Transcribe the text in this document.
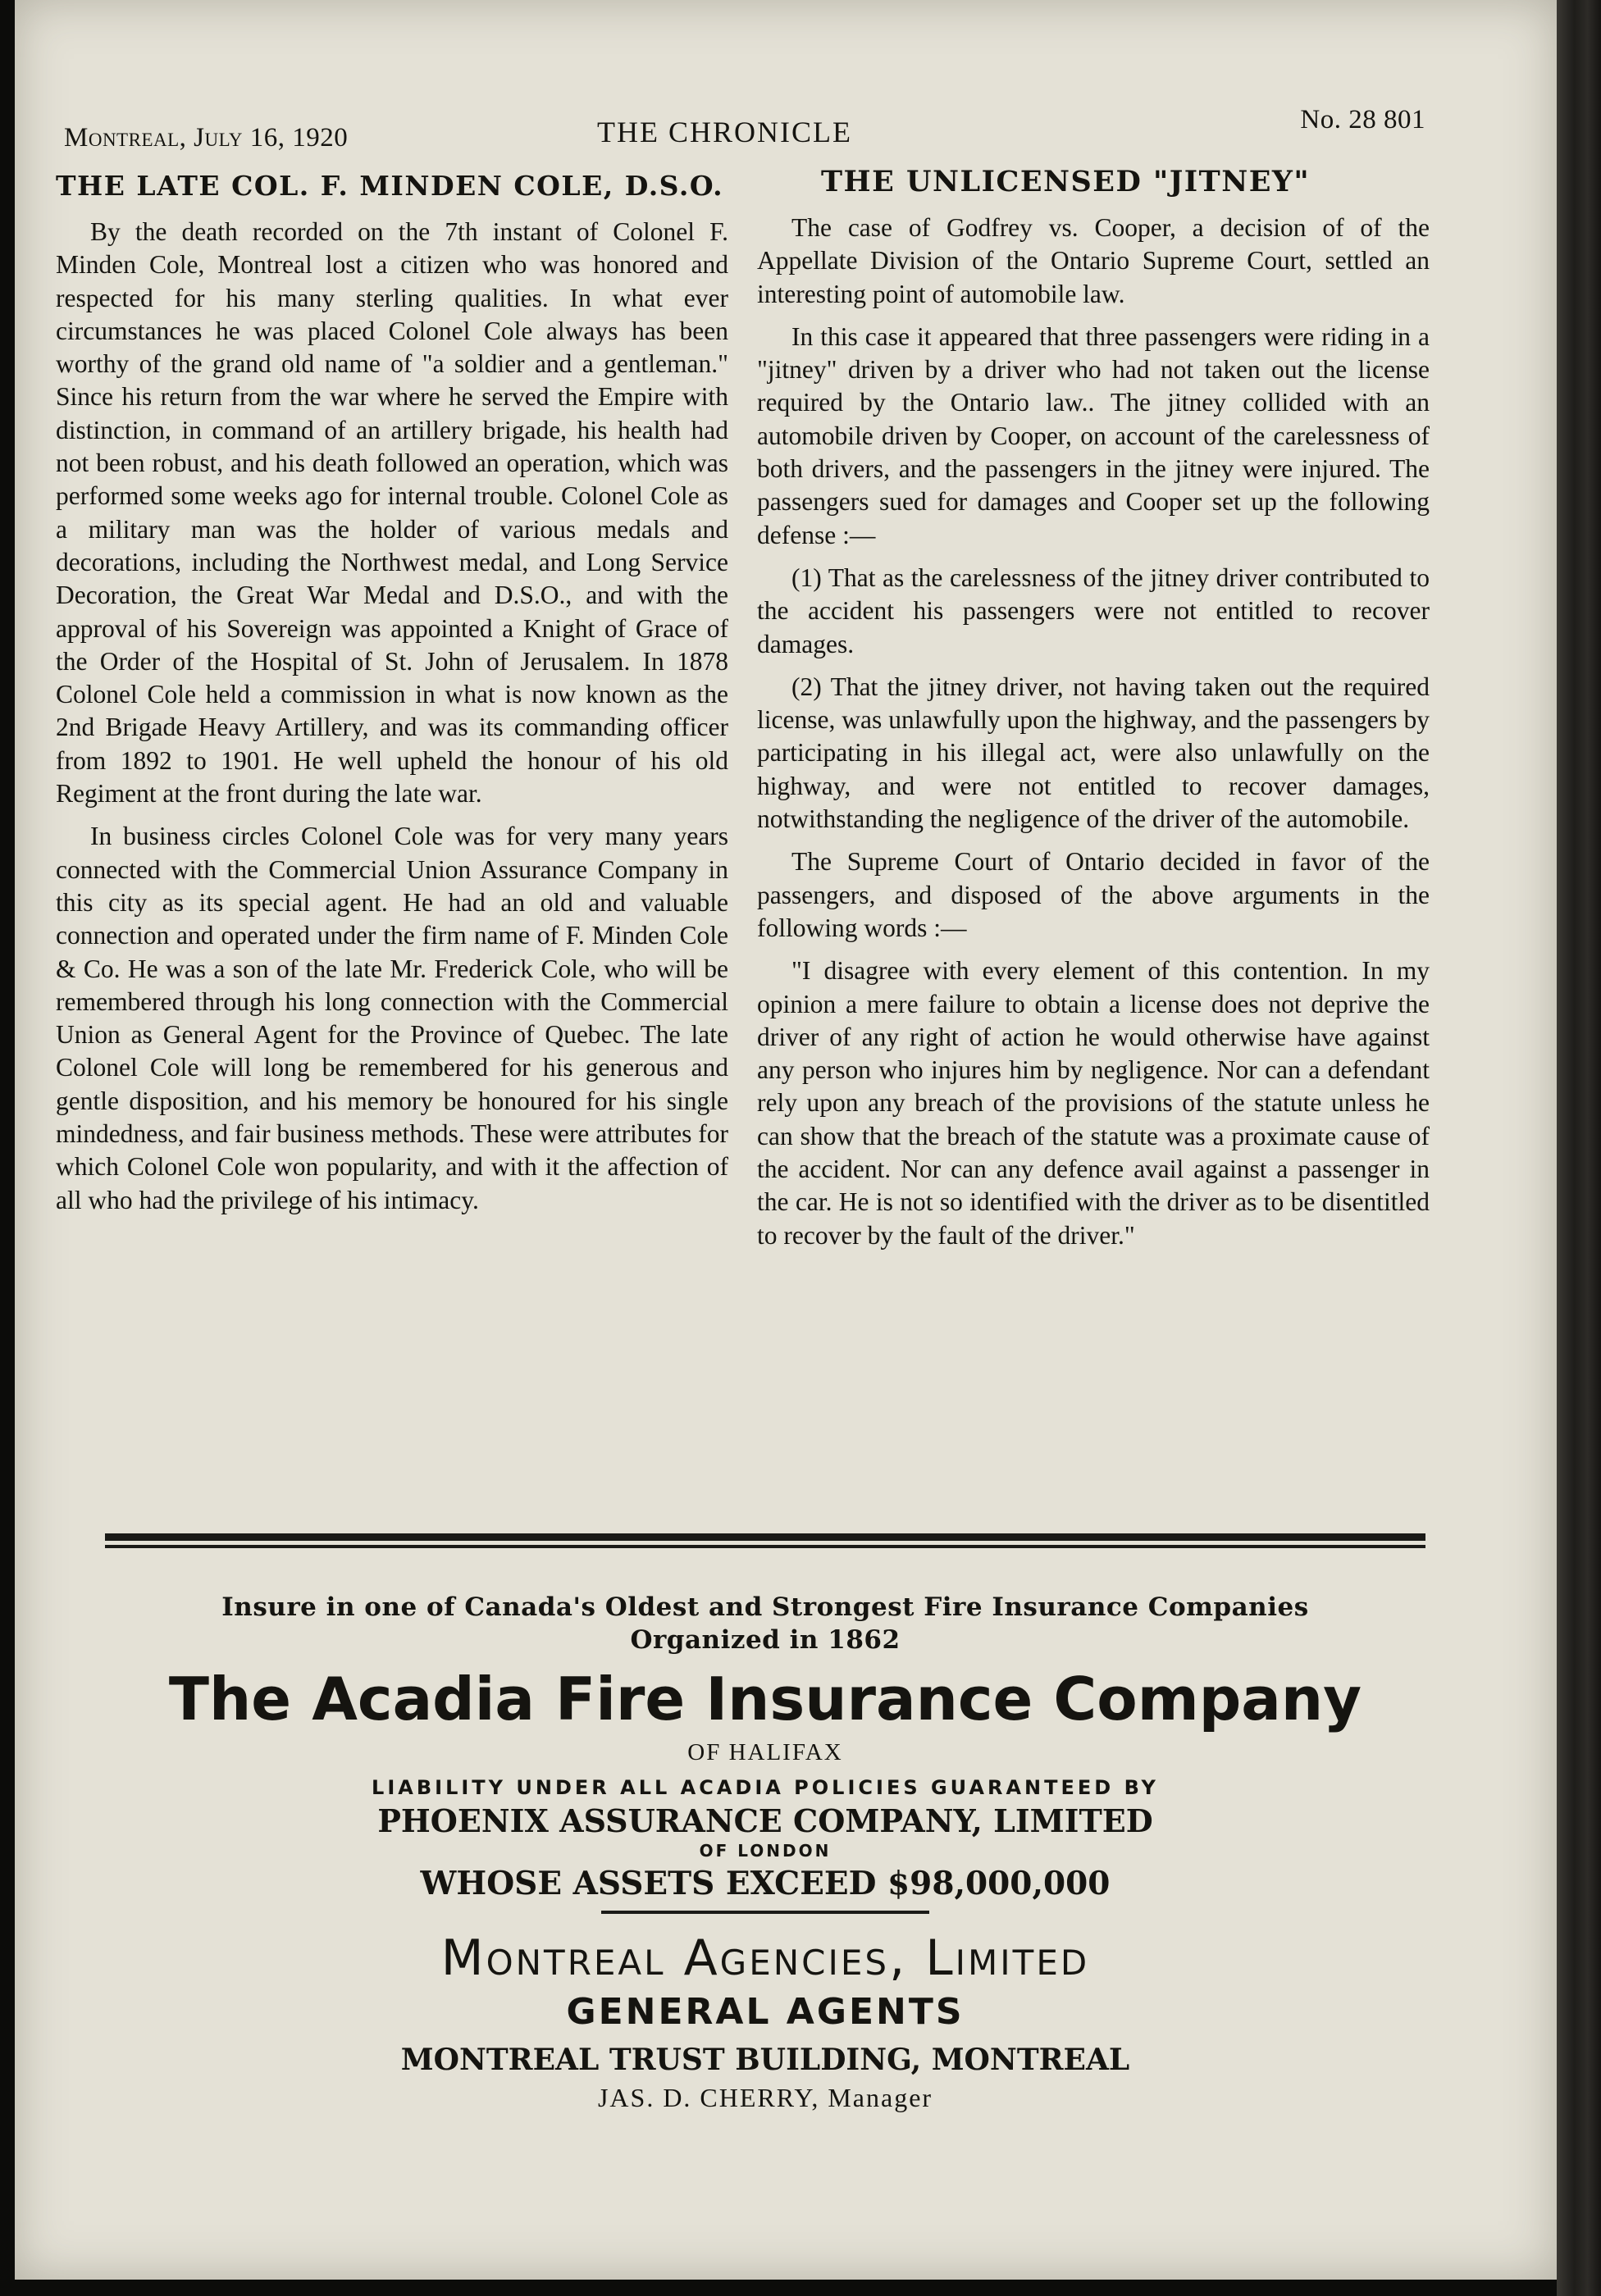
Montreal, July 16, 1920	THE CHRONICLE	No. 28 801
THE LATE COL. F. MINDEN COLE, D.S.O.

By the death recorded on the 7th instant of Colonel F. Minden Cole, Montreal lost a citizen who was honored and respected for his many sterling qualities. In what ever circumstances he was placed Colonel Cole always has been worthy of the grand old name of "a soldier and a gentleman." Since his return from the war where he served the Empire with distinction, in command of an artillery brigade, his health had not been robust, and his death followed an operation, which was performed some weeks ago for internal trouble. Colonel Cole as a military man was the holder of various medals and decorations, including the Northwest medal, and Long Service Decoration, the Great War Medal and D.S.O., and with the approval of his Sovereign was appointed a Knight of Grace of the Order of the Hospital of St. John of Jerusalem. In 1878 Colonel Cole held a commission in what is now known as the 2nd Brigade Heavy Artillery, and was its commanding officer from 1892 to 1901. He well upheld the honour of his old Regiment at the front during the late war.

In business circles Colonel Cole was for very many years connected with the Commercial Union Assurance Company in this city as its special agent. He had an old and valuable connection and operated under the firm name of F. Minden Cole & Co. He was a son of the late Mr. Frederick Cole, who will be remembered through his long connection with the Commercial Union as General Agent for the Province of Quebec. The late Colonel Cole will long be remembered for his generous and gentle disposition, and his memory be honoured for his single mindedness, and fair business methods. These were attributes for which Colonel Cole won popularity, and with it the affection of all who had the privilege of his intimacy.

THE UNLICENSED "JITNEY"

The case of Godfrey vs. Cooper, a decision of of the Appellate Division of the Ontario Supreme Court, settled an interesting point of automobile law.

In this case it appeared that three passengers were riding in a "jitney" driven by a driver who had not taken out the license required by the Ontario law.. The jitney collided with an automobile driven by Cooper, on account of the carelessness of both drivers, and the passengers in the jitney were injured. The passengers sued for damages and Cooper set up the following defense :—

(1) That as the carelessness of the jitney driver contributed to the accident his passengers were not entitled to recover damages.

(2) That the jitney driver, not having taken out the required license, was unlawfully upon the highway, and the passengers by participating in his illegal act, were also unlawfully on the highway, and were not entitled to recover damages, notwithstanding the negligence of the driver of the automobile.

The Supreme Court of Ontario decided in favor of the passengers, and disposed of the above arguments in the following words :—

"I disagree with every element of this contention. In my opinion a mere failure to obtain a license does not deprive the driver of any right of action he would otherwise have against any person who injures him by negligence. Nor can a defendant rely upon any breach of the provisions of the statute unless he can show that the breach of the statute was a proximate cause of the accident. Nor can any defence avail against a passenger in the car. He is not so identified with the driver as to be disentitled to recover by the fault of the driver."

Insure in one of Canada's Oldest and Strongest Fire Insurance Companies
Organized in 1862
The Acadia Fire Insurance Company
OF HALIFAX
LIABILITY UNDER ALL ACADIA POLICIES GUARANTEED BY
PHOENIX ASSURANCE COMPANY, LIMITED
OF LONDON
WHOSE ASSETS EXCEED $98,000,000
Montreal Agencies, Limited
GENERAL AGENTS
MONTREAL TRUST BUILDING, MONTREAL
JAS. D. CHERRY, Manager
